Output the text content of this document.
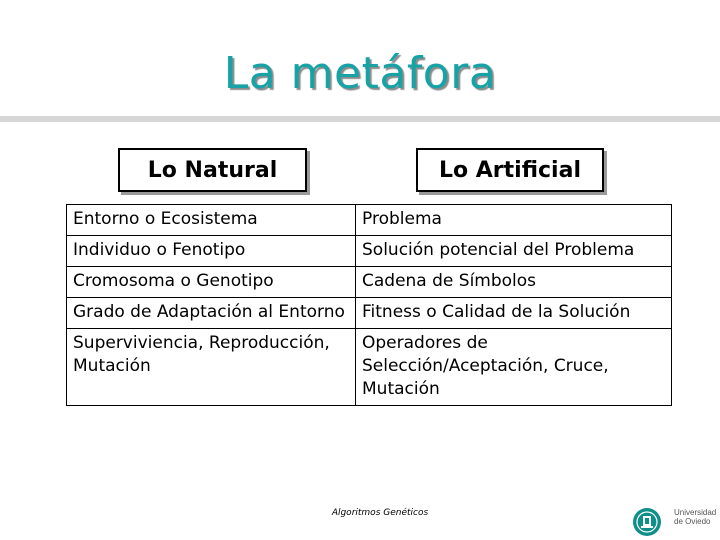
La metáfora
Lo Natural	Lo Artificial
Entorno o Ecosistema	Problema
Individuo o Fenotipo	Solución potencial del Problema
Cromosoma o Genotipo	Cadena de Símbolos
Grado de Adaptación al Entorno	Fitness o Calidad de la Solución
Superviviencia, Reproducción, Mutación	Operadores de Selección/Aceptación, Cruce, Mutación
Algoritmos Genéticos	Universidad
de Oviedo
